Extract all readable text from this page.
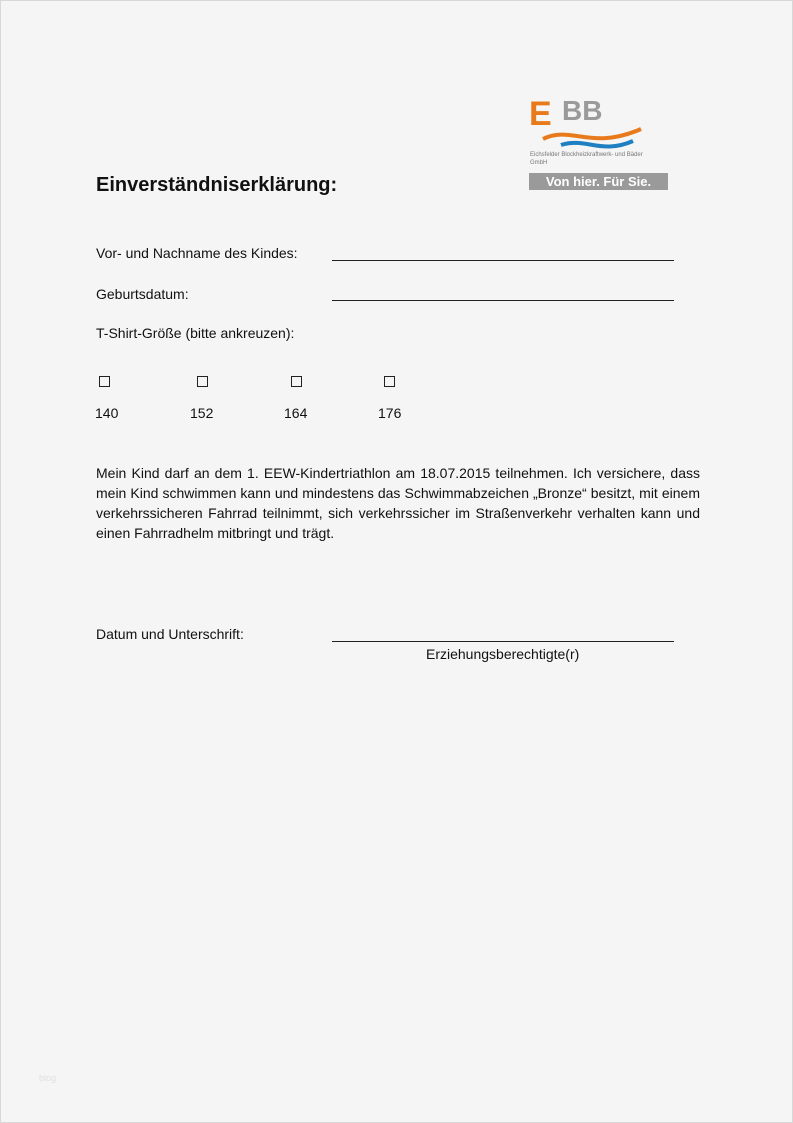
E BB
Eichsfelder Blockheizkraftwerk- und Bäder GmbH
Von hier. Für Sie.
Einverständniserklärung:
Vor- und Nachname des Kindes:
Geburtsdatum:
T-Shirt-Größe (bitte ankreuzen):
140	152	164	176
Mein Kind darf an dem 1. EEW-Kindertriathlon am 18.07.2015 teilnehmen. Ich versichere, dass mein Kind schwimmen kann und mindestens das Schwimmabzeichen „Bronze“ besitzt, mit einem verkehrssicheren Fahrrad teilnimmt, sich verkehrssicher im Straßenverkehr verhalten kann und einen Fahrradhelm mitbringt und trägt.
Datum und Unterschrift:
Erziehungsberechtigte(r)
blog
